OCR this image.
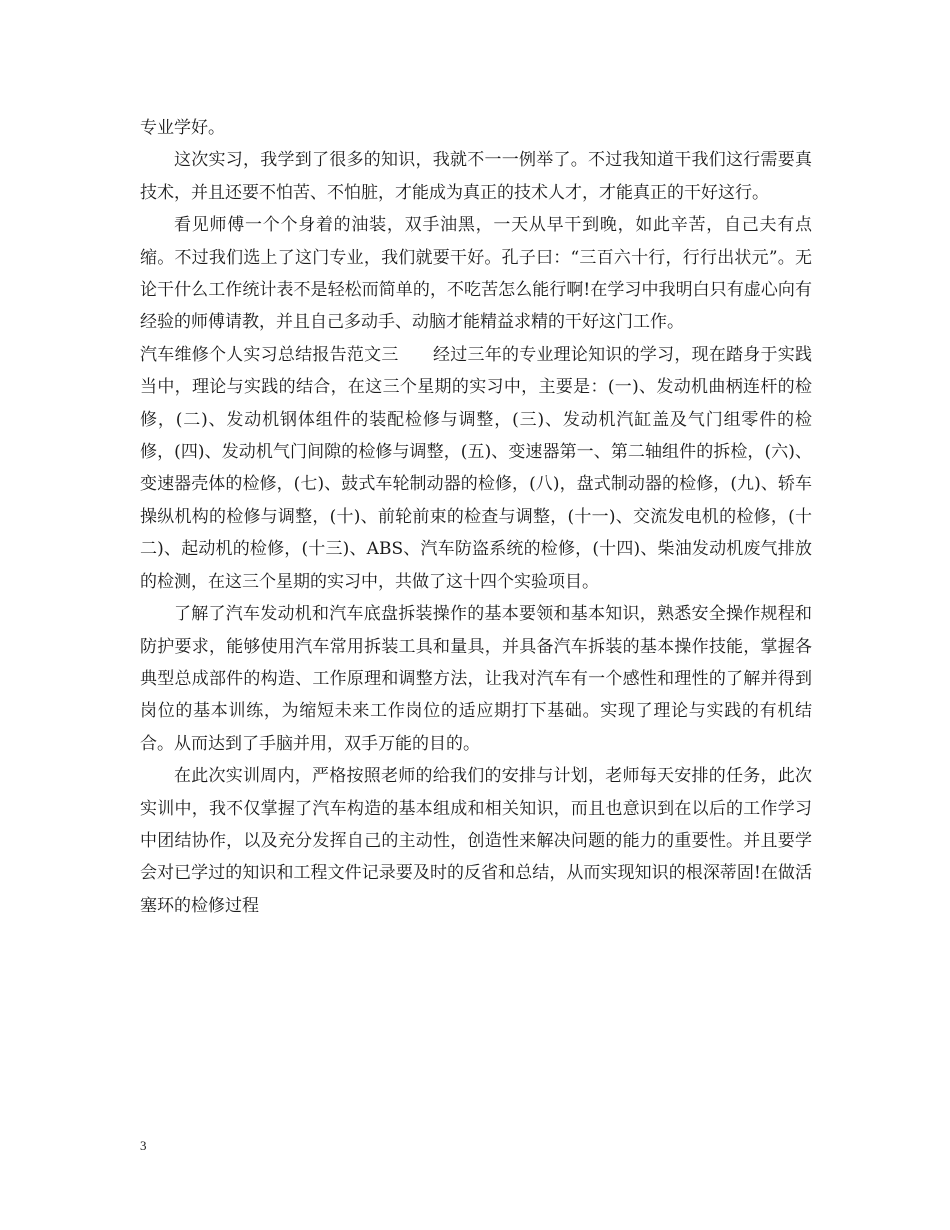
专业学好。

这次实习，我学到了很多的知识，我就不一一例举了。不过我知道干我们这行需要真技术，并且还要不怕苦、不怕脏，才能成为真正的技术人才，才能真正的干好这行。

看见师傅一个个身着的油装，双手油黑，一天从早干到晚，如此辛苦，自己夫有点缩。不过我们选上了这门专业，我们就要干好。孔子曰：“三百六十行，行行出状元”。无论干什么工作统计表不是轻松而简单的，不吃苦怎么能行啊!在学习中我明白只有虚心向有经验的师傅请教，并且自己多动手、动脑才能精益求精的干好这门工作。

汽车维修个人实习总结报告范文三　　经过三年的专业理论知识的学习，现在踏身于实践当中，理论与实践的结合，在这三个星期的实习中，主要是：(一)、发动机曲柄连杆的检修，(二)、发动机钢体组件的装配检修与调整，(三)、发动机汽缸盖及气门组零件的检修，(四)、发动机气门间隙的检修与调整，(五)、变速器第一、第二轴组件的拆检，(六)、变速器壳体的检修，(七)、鼓式车轮制动器的检修，(八)，盘式制动器的检修，(九)、轿车操纵机构的检修与调整，(十)、前轮前束的检查与调整，(十一)、交流发电机的检修，(十二)、起动机的检修，(十三)、ABS、汽车防盗系统的检修，(十四)、柴油发动机废气排放的检测，在这三个星期的实习中，共做了这十四个实验项目。

了解了汽车发动机和汽车底盘拆装操作的基本要领和基本知识，熟悉安全操作规程和防护要求，能够使用汽车常用拆装工具和量具，并具备汽车拆装的基本操作技能，掌握各典型总成部件的构造、工作原理和调整方法，让我对汽车有一个感性和理性的了解并得到岗位的基本训练，为缩短未来工作岗位的适应期打下基础。实现了理论与实践的有机结合。从而达到了手脑并用，双手万能的目的。

在此次实训周内，严格按照老师的给我们的安排与计划，老师每天安排的任务，此次实训中，我不仅掌握了汽车构造的基本组成和相关知识，而且也意识到在以后的工作学习中团结协作，以及充分发挥自己的主动性，创造性来解决问题的能力的重要性。并且要学会对已学过的知识和工程文件记录要及时的反省和总结，从而实现知识的根深蒂固!在做活塞环的检修过程

3
